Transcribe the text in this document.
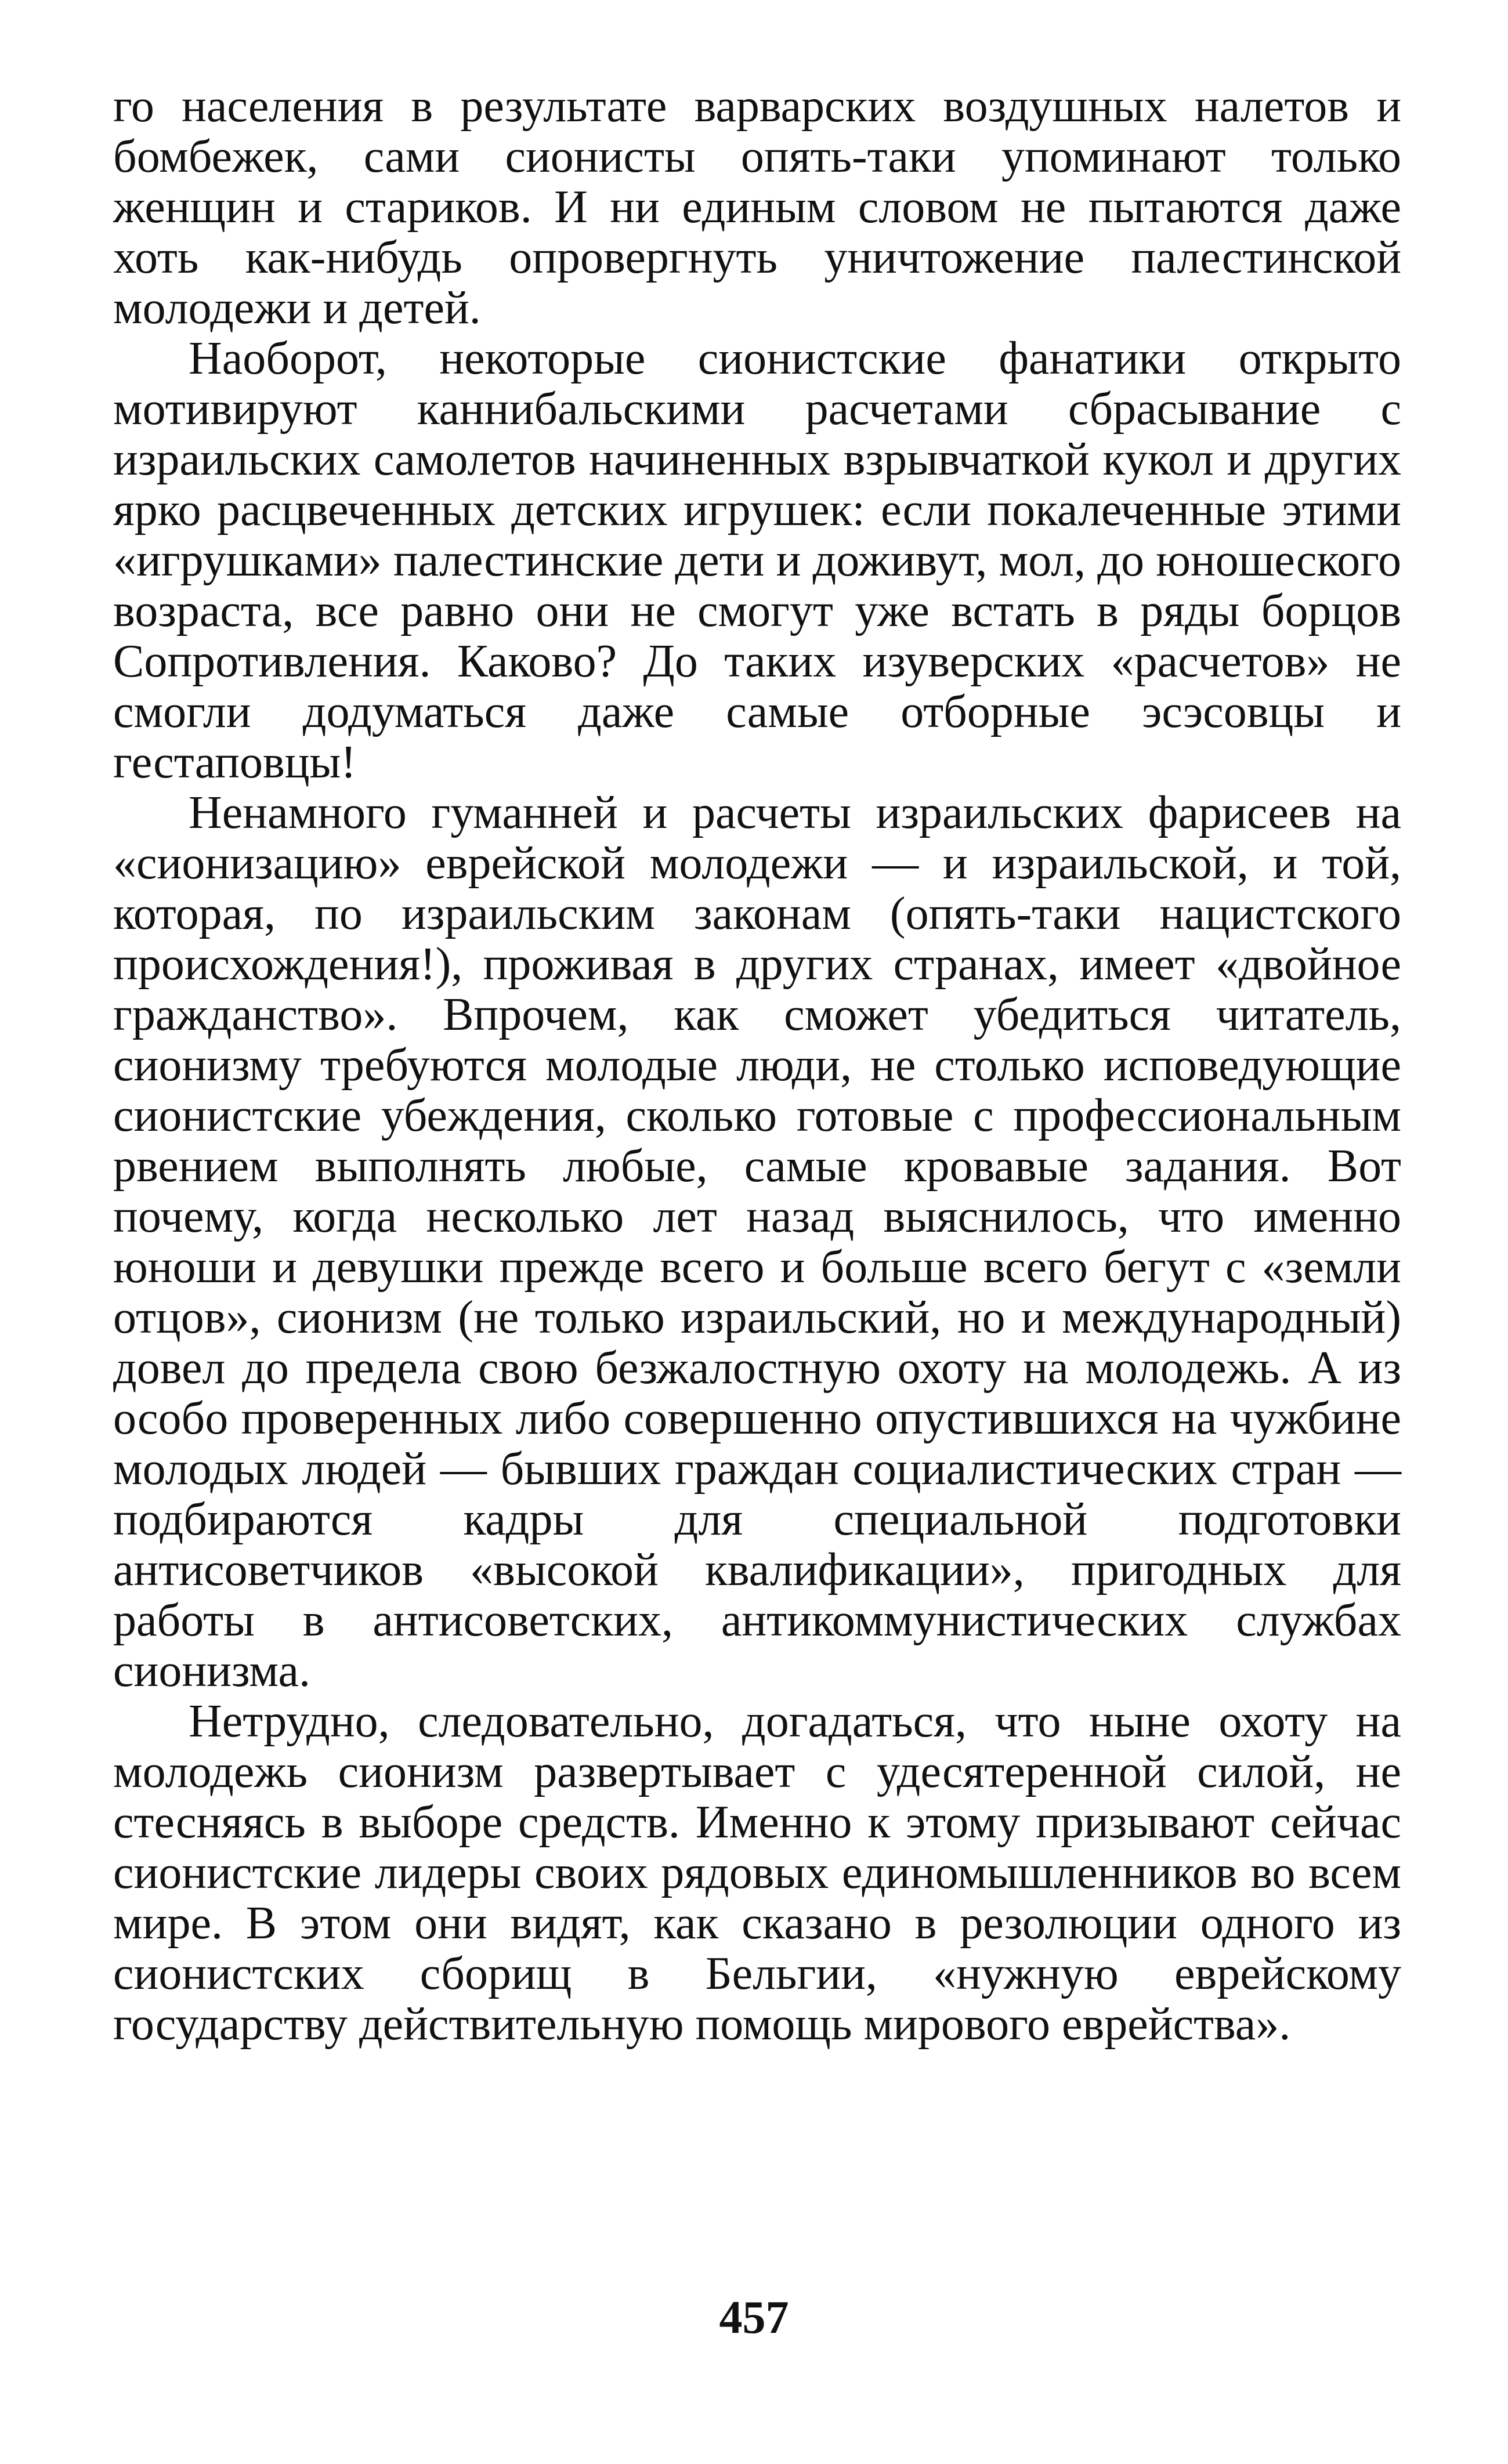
го населения в результате варварских воздушных налетов и бомбежек, сами сионисты опять-таки упоминают только женщин и стариков. И ни единым словом не пытаются даже хоть как-нибудь опровергнуть уничтожение палестинской молодежи и детей.

Наоборот, некоторые сионистские фанатики открыто мотивируют каннибальскими расчетами сбрасывание с израильских самолетов начиненных взрывчаткой кукол и других ярко расцвеченных детских игрушек: если покалеченные этими «игрушками» палестинские дети и доживут, мол, до юношеского возраста, все равно они не смогут уже встать в ряды борцов Сопротивления. Каково? До таких изуверских «расчетов» не смогли додуматься даже самые отборные эсэсовцы и гестаповцы!

Ненамного гуманней и расчеты израильских фарисеев на «сионизацию» еврейской молодежи — и израильской, и той, которая, по израильским законам (опять-таки нацистского происхождения!), проживая в других странах, имеет «двойное гражданство». Впрочем, как сможет убедиться читатель, сионизму требуются молодые люди, не столько исповедующие сионистские убеждения, сколько готовые с профессиональным рвением выполнять любые, самые кровавые задания. Вот почему, когда несколько лет назад выяснилось, что именно юноши и девушки прежде всего и больше всего бегут с «земли отцов», сионизм (не только израильский, но и международный) довел до предела свою безжалостную охоту на молодежь. А из особо проверенных либо совершенно опустившихся на чужбине молодых людей — бывших граждан социалистических стран — подбираются кадры для специальной подготовки антисоветчиков «высокой квалификации», пригодных для работы в антисоветских, антикоммунистических службах сионизма.

Нетрудно, следовательно, догадаться, что ныне охоту на молодежь сионизм развертывает с удесятеренной силой, не стесняясь в выборе средств. Именно к этому призывают сейчас сионистские лидеры своих рядовых единомышленников во всем мире. В этом они видят, как сказано в резолюции одного из сионистских сборищ в Бельгии, «нужную еврейскому государству действительную помощь мирового еврейства».

457
